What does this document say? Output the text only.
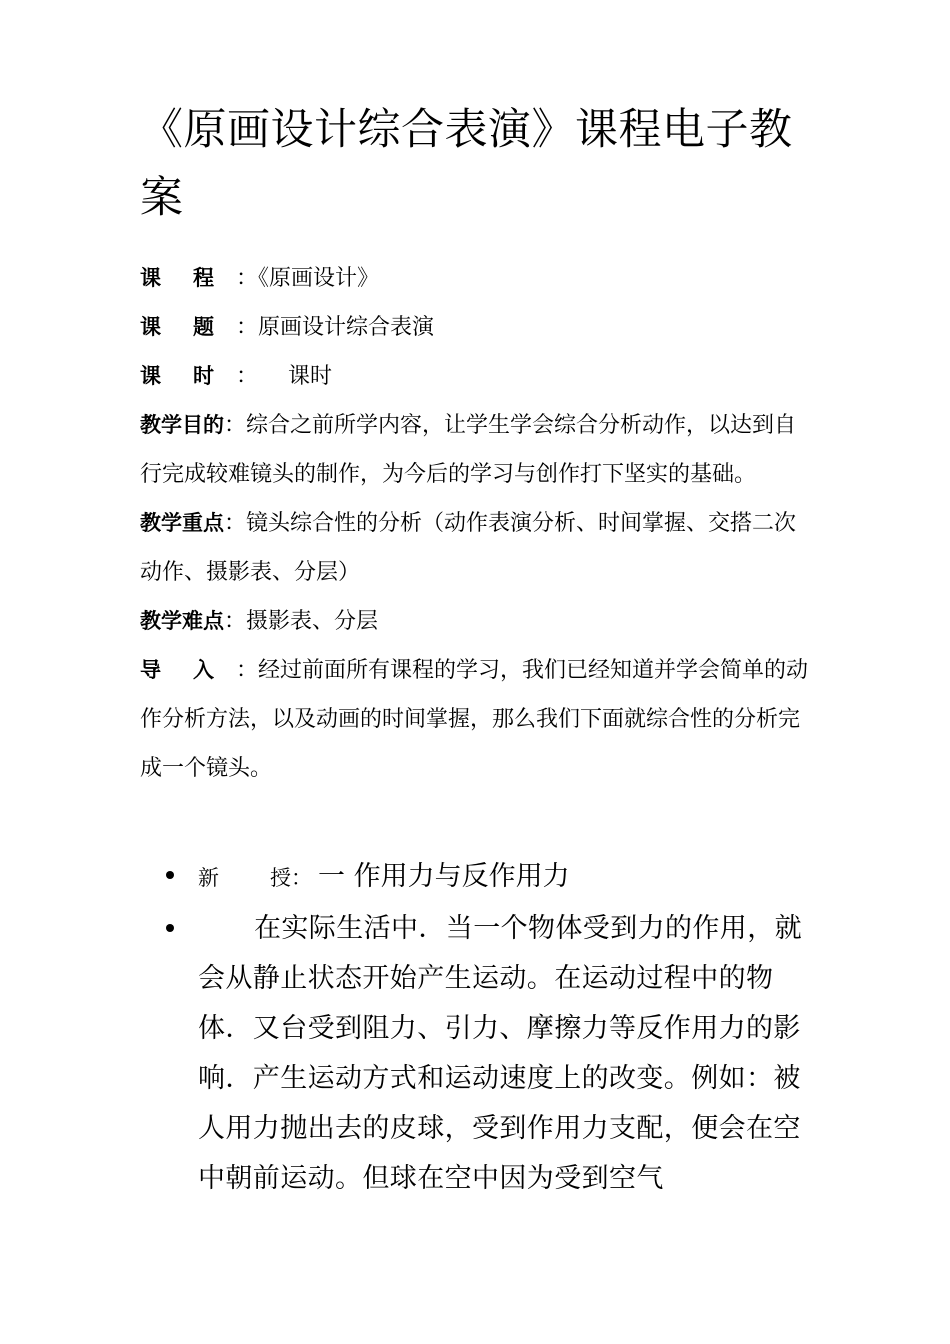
《原画设计综合表演》课程电子教案

课 程 ：《原画设计》

课 题 ：原画设计综合表演

课 时 ： 课时

教学目的：综合之前所学内容，让学生学会综合分析动作，以达到自行完成较难镜头的制作，为今后的学习与创作打下坚实的基础。

教学重点：镜头综合性的分析（动作表演分析、时间掌握、交搭二次动作、摄影表、分层）

教学难点：摄影表、分层

导 入 ：经过前面所有课程的学习，我们已经知道并学会简单的动作分析方法，以及动画的时间掌握，那么我们下面就综合性的分析完成一个镜头。

新 授： 一 作用力与反作用力
在实际生活中．当一个物体受到力的作用，就会从静止状态开始产生运动。在运动过程中的物体．又台受到阻力、引力、摩擦力等反作用力的影响．产生运动方式和运动速度上的改变。例如：被人用力抛出去的皮球，受到作用力支配，便会在空中朝前运动。但球在空中因为受到空气
